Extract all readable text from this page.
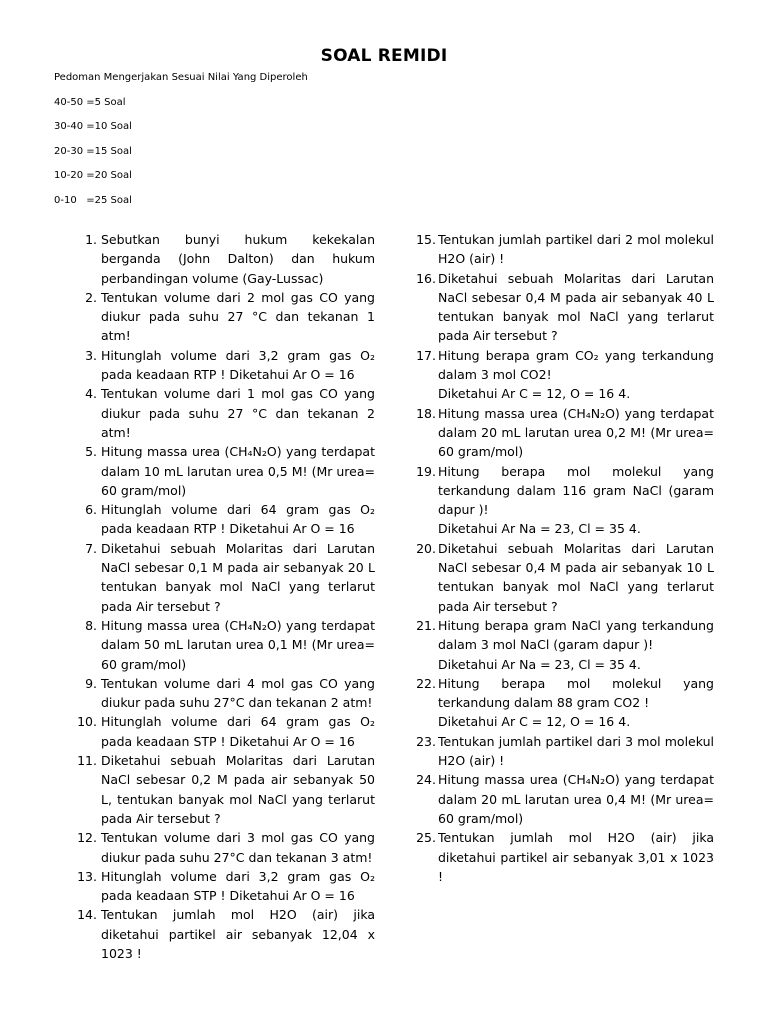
SOAL REMIDI
Pedoman Mengerjakan Sesuai Nilai Yang Diperoleh
40-50 =5 Soal
30-40 =10 Soal
20-30 =15 Soal
10-20 =20 Soal
0-10   =25 Soal
1. Sebutkan bunyi hukum kekekalan berganda (John Dalton) dan hukum perbandingan volume (Gay-Lussac)
2. Tentukan volume dari 2 mol gas CO yang diukur pada suhu 27 °C dan tekanan 1 atm!
3. Hitunglah volume dari 3,2 gram gas O₂ pada keadaan RTP ! Diketahui Ar O = 16
4. Tentukan volume dari 1 mol gas CO yang diukur pada suhu 27 °C dan tekanan 2 atm!
5. Hitung massa urea (CH₄N₂O) yang terdapat dalam 10 mL larutan urea 0,5 M! (Mr urea= 60 gram/mol)
6. Hitunglah volume dari 64 gram gas O₂ pada keadaan RTP ! Diketahui Ar O = 16
7. Diketahui sebuah Molaritas dari Larutan NaCl sebesar 0,1 M pada air sebanyak 20 L tentukan banyak mol NaCl yang terlarut pada Air tersebut ?
8. Hitung massa urea (CH₄N₂O) yang terdapat dalam 50 mL larutan urea 0,1 M! (Mr urea= 60 gram/mol)
9. Tentukan volume dari 4 mol gas CO yang diukur pada suhu 27°C dan tekanan 2 atm!
10. Hitunglah volume dari 64 gram gas O₂ pada keadaan STP ! Diketahui Ar O = 16
11. Diketahui sebuah Molaritas dari Larutan NaCl sebesar 0,2 M pada air sebanyak 50 L, tentukan banyak mol NaCl yang terlarut pada Air tersebut ?
12. Tentukan volume dari 3 mol gas CO yang diukur pada suhu 27°C dan tekanan 3 atm!
13. Hitunglah volume dari 3,2 gram gas O₂ pada keadaan STP ! Diketahui Ar O = 16
14. Tentukan jumlah mol H2O (air) jika diketahui partikel air sebanyak 12,04 x 1023 !
15. Tentukan jumlah partikel dari 2 mol molekul H2O (air) !
16. Diketahui sebuah Molaritas dari Larutan NaCl sebesar 0,4 M pada air sebanyak 40 L tentukan banyak mol NaCl yang terlarut pada Air tersebut ?
17. Hitung berapa gram CO₂ yang terkandung dalam 3 mol CO2!
Diketahui Ar C = 12, O = 16 4.
18. Hitung massa urea (CH₄N₂O) yang terdapat dalam 20 mL larutan urea 0,2 M! (Mr urea= 60 gram/mol)
19. Hitung berapa mol molekul yang terkandung dalam 116 gram NaCl (garam dapur )!
Diketahui Ar Na = 23, Cl = 35 4.
20. Diketahui sebuah Molaritas dari Larutan NaCl sebesar 0,4 M pada air sebanyak 10 L tentukan banyak mol NaCl yang terlarut pada Air tersebut ?
21. Hitung berapa gram NaCl yang terkandung dalam 3 mol NaCl (garam dapur )!
Diketahui Ar Na = 23, Cl = 35 4.
22. Hitung berapa mol molekul yang terkandung dalam 88 gram CO2 !
Diketahui Ar C = 12, O = 16 4.
23. Tentukan jumlah partikel dari 3 mol molekul H2O (air) !
24. Hitung massa urea (CH₄N₂O) yang terdapat dalam 20 mL larutan urea 0,4 M! (Mr urea= 60 gram/mol)
25. Tentukan jumlah mol H2O (air) jika diketahui partikel air sebanyak 3,01 x 1023 !
